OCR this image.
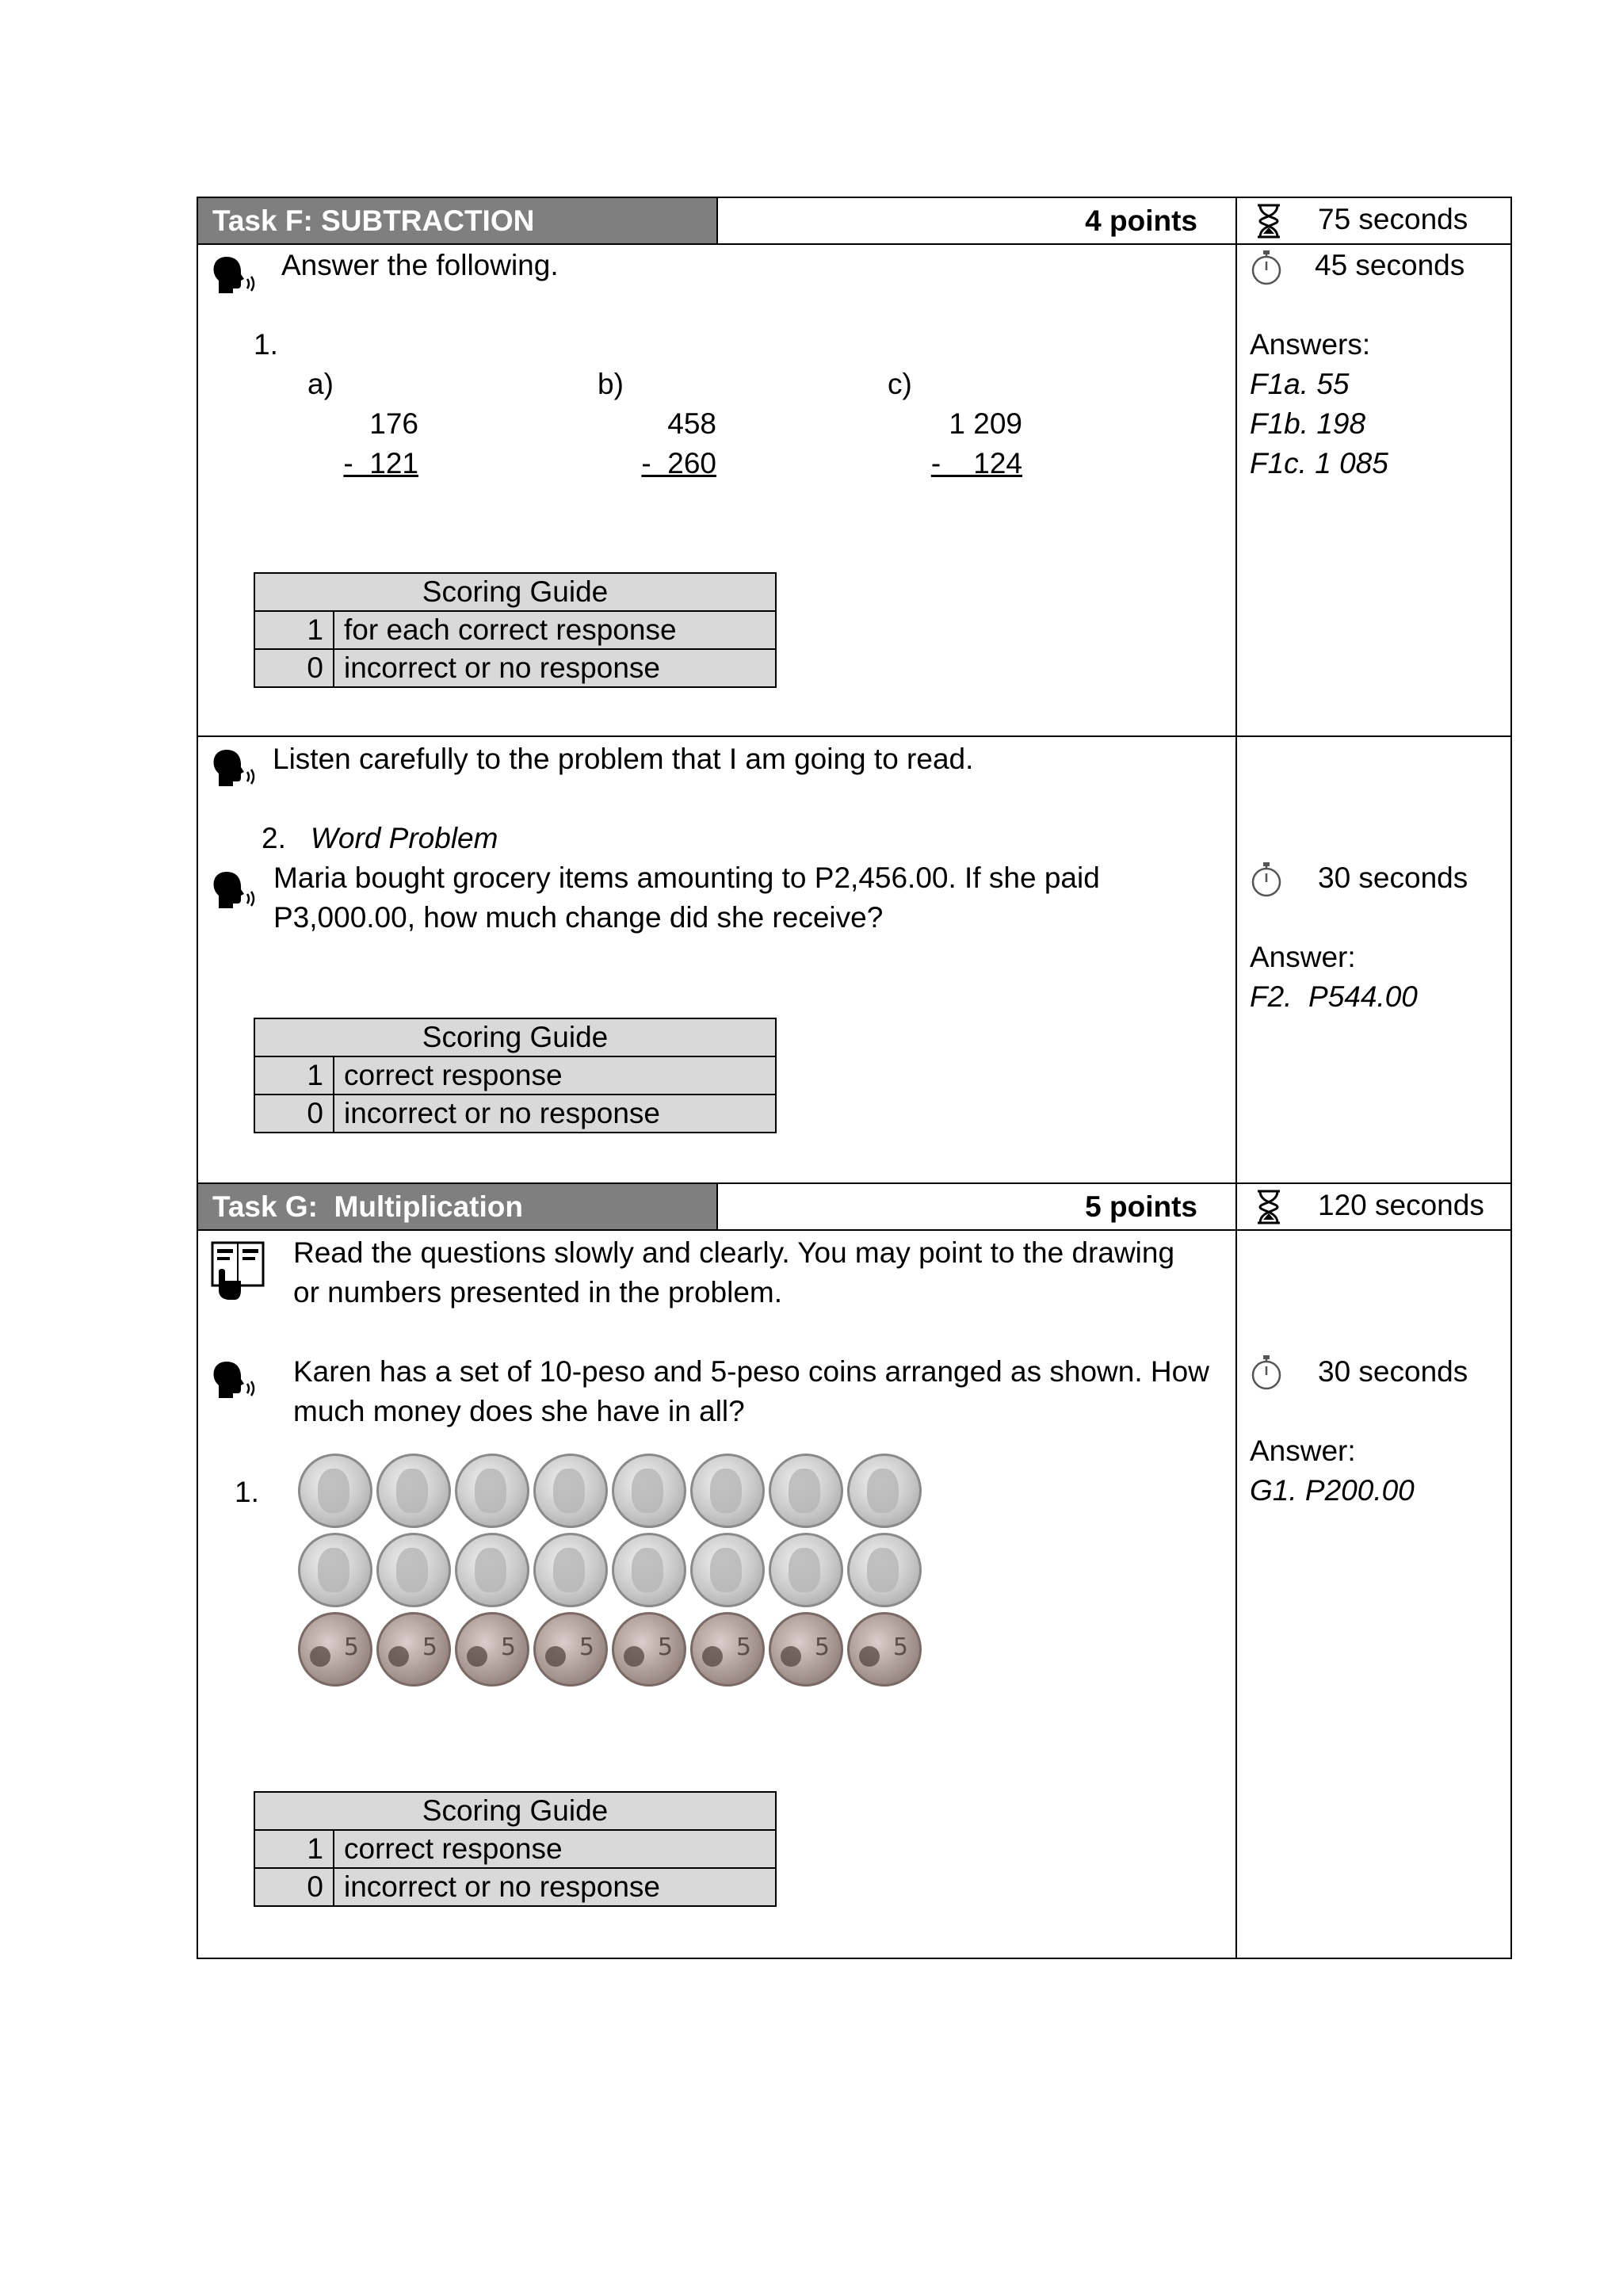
Task F: SUBTRACTION	4 points	75 seconds
Answer the following.	45 seconds
1.
a)
176
-  121
b)
458
-  260
c)
1 209
-    124
Answers:
F1a. 55
F1b. 198
F1c. 1 085
Scoring Guide	
1	for each correct response
0	incorrect or no response
Listen carefully to the problem that I am going to read.
2. Word Problem
Maria bought grocery items amounting to P2,456.00. If she paid
P3,000.00, how much change did she receive?
30 seconds
Answer:
F2.  P544.00
Scoring Guide	
1	correct response
0	incorrect or no response
Task G:  Multiplication	5 points	120 seconds
Read the questions slowly and clearly. You may point to the drawing
or numbers presented in the problem.
Karen has a set of 10-peso and 5-peso coins arranged as shown. How
much money does she have in all?
30 seconds
Answer:
G1. P200.00
1.
5
5
5
5
5
5
5
5
Scoring Guide	
1	correct response
0	incorrect or no response
